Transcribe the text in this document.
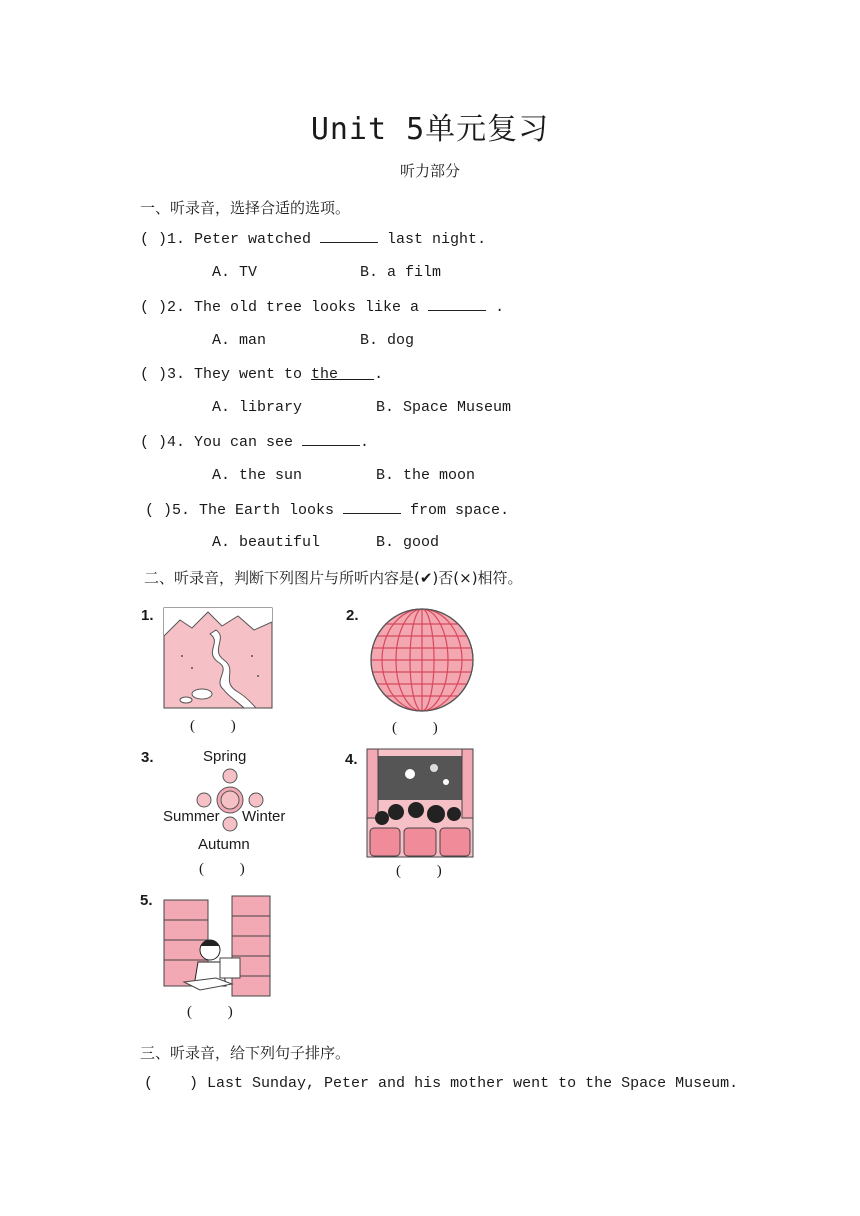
Unit 5单元复习
听力部分
一、听录音，选择合适的选项。
( )1. Peter watched	last night.
A. TV	B. a film
( )2. The old tree looks like a	.
A. man	B. dog
( )3. They went to the    .
A. library	B. Space Museum
( )4. You can see	.
A. the sun	B. the moon
( )5. The Earth looks	from space.
A. beautiful	B. good
二、听录音，判断下列图片与所听内容是(✔)否(×)相符。
1.
( )
2.
( )
3.	Spring
Summer Winter
Autumn
( )
4.
( )
5.
( )
三、听录音，给下列句子排序。
(    ) Last Sunday, Peter and his mother went to the Space Museum.
